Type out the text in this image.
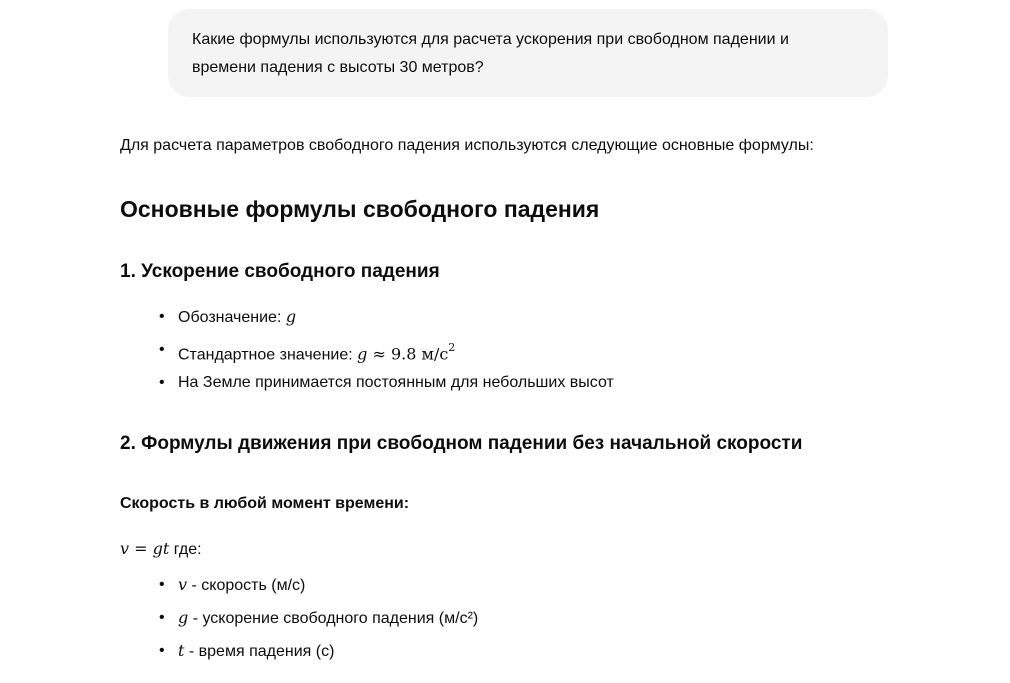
Какие формулы используются для расчета ускорения при свободном падении и
времени падения с высоты 30 метров?
Для расчета параметров свободного падения используются следующие основные формулы:
Основные формулы свободного падения
1. Ускорение свободного падения
• Обозначение: g
• Стандартное значение: g ≈ 9.8 $м/с^2$
• На Земле принимается постоянным для небольших высот
2. Формулы движения при свободном падении без начальной скорости
Скорость в любой момент времени:
v = gt где:
• v - скорость (м/с)
• g - ускорение свободного падения (м/с²)
• t - время падения (с)
